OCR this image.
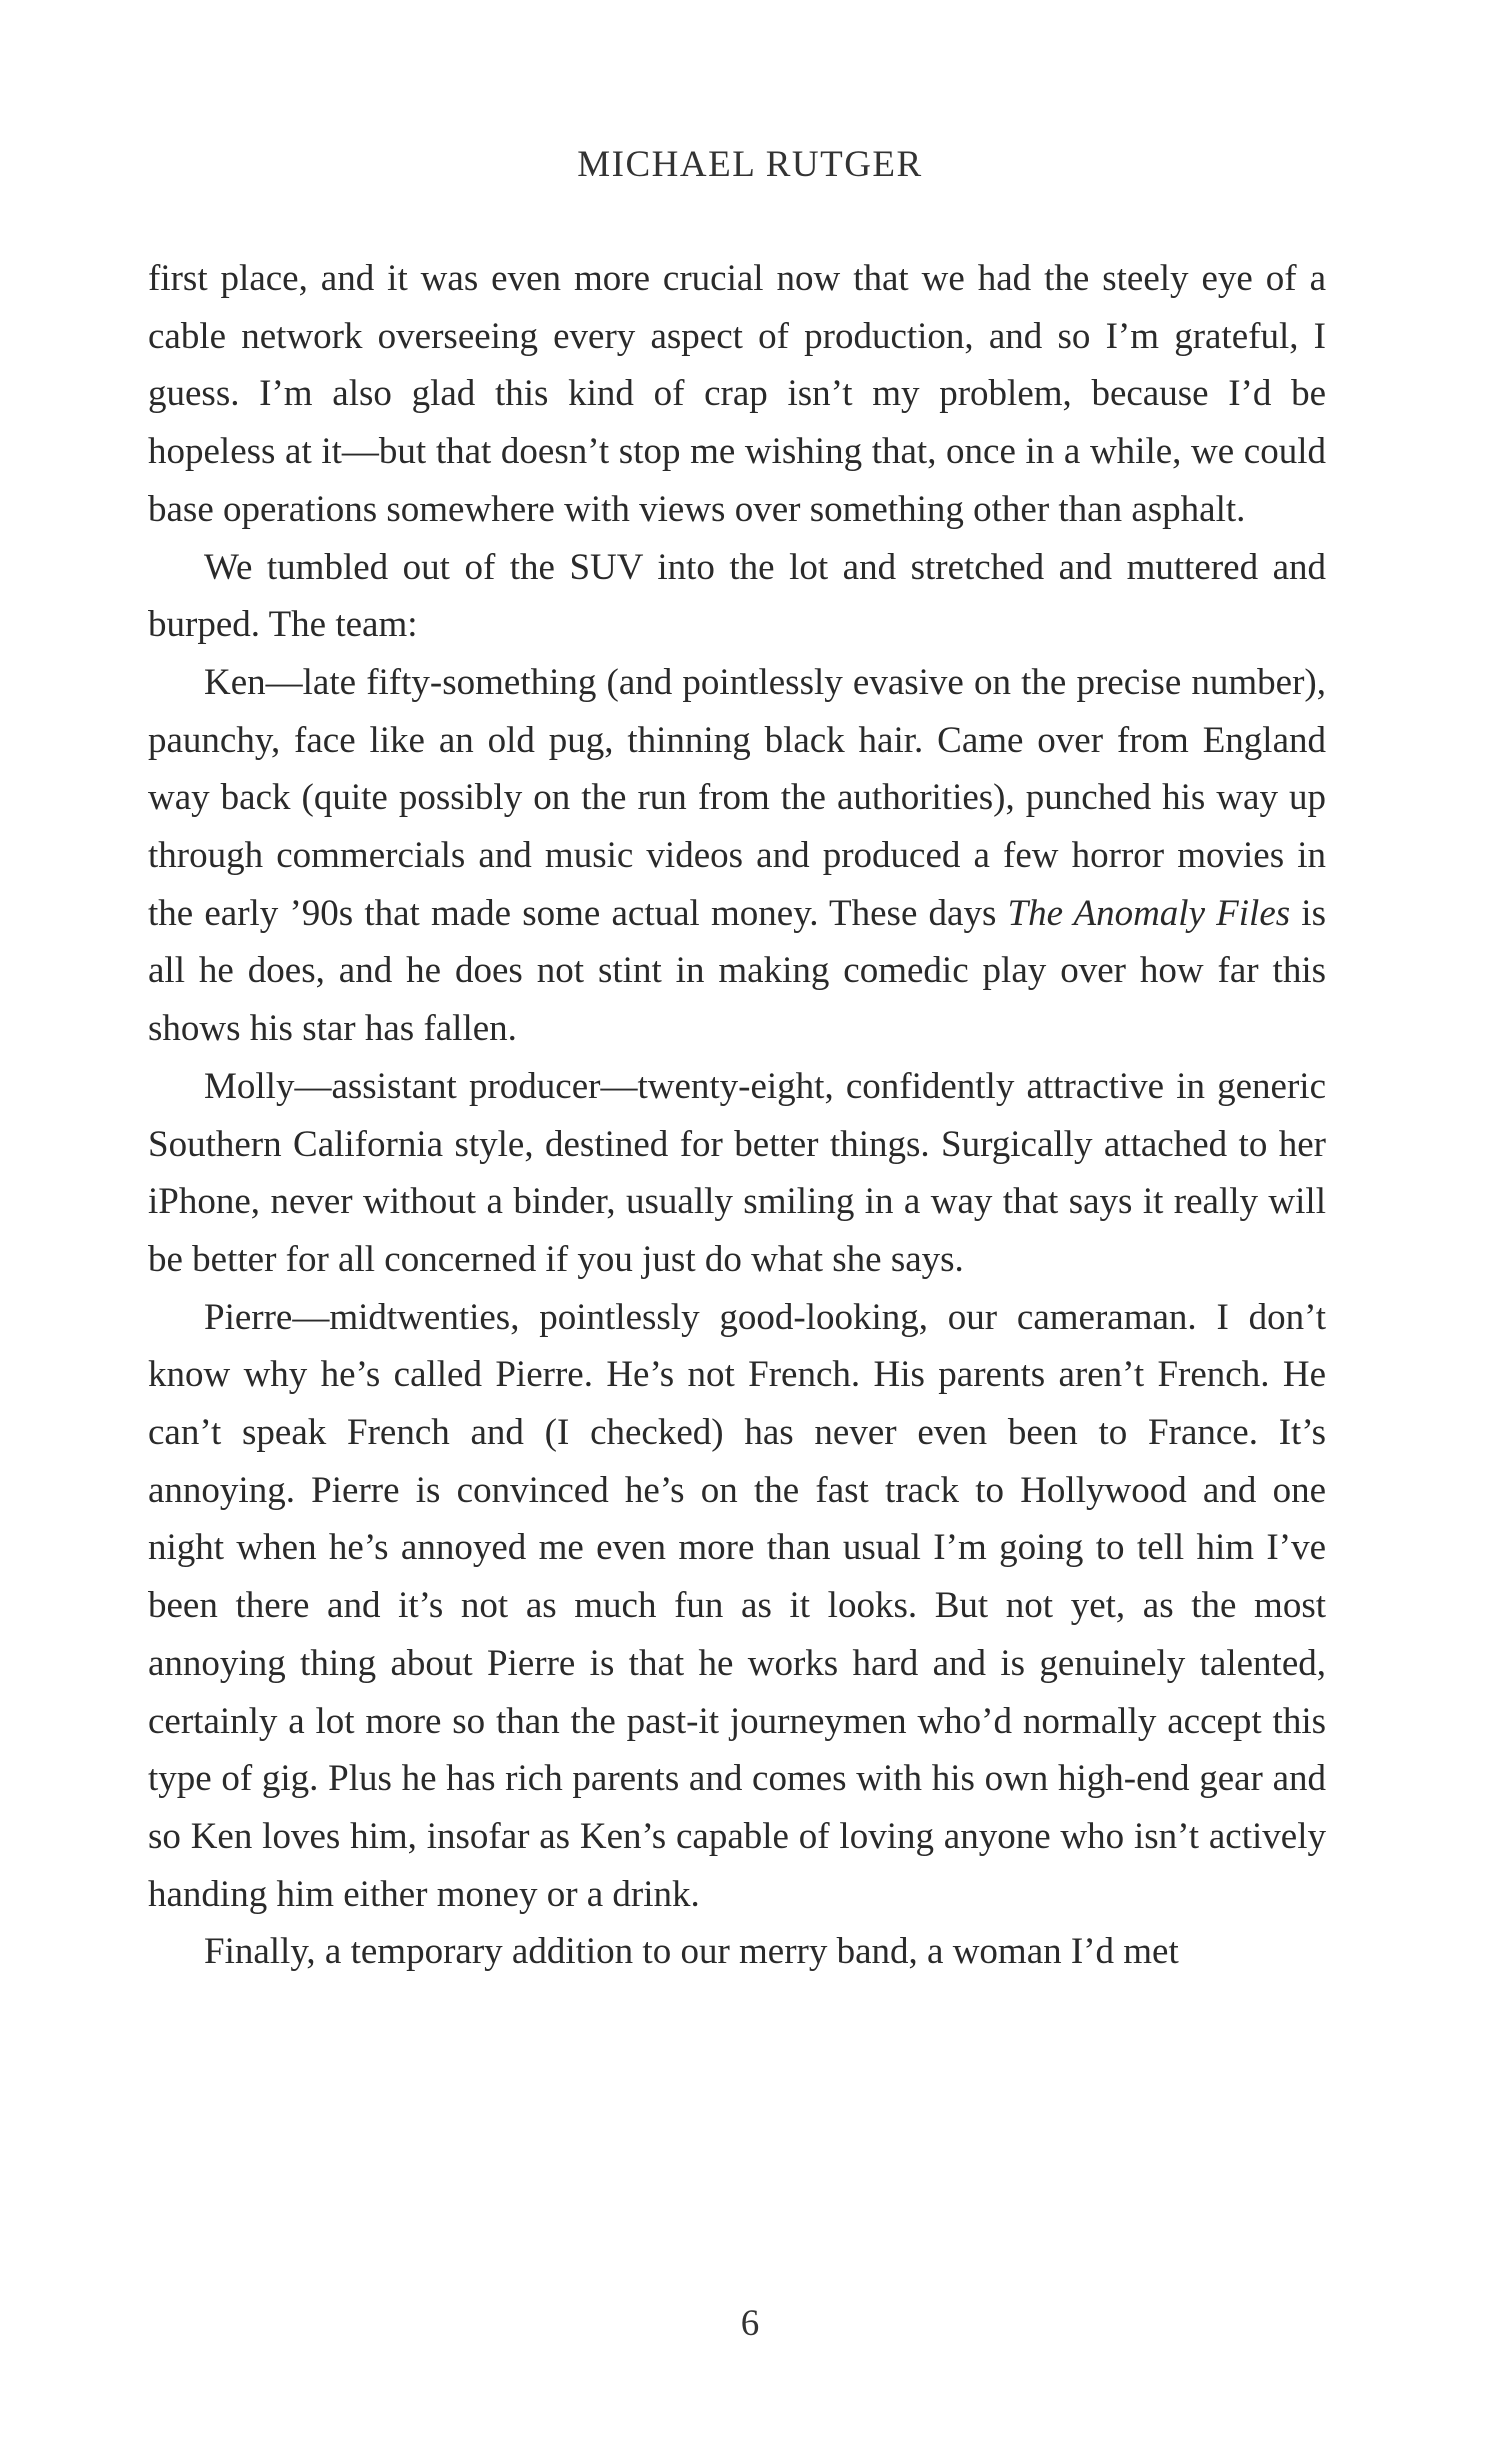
MICHAEL RUTGER

first place, and it was even more crucial now that we had the steely eye of a cable network overseeing every aspect of production, and so I’m grateful, I guess. I’m also glad this kind of crap isn’t my problem, because I’d be hopeless at it—but that doesn’t stop me wishing that, once in a while, we could base operations somewhere with views over something other than asphalt.

We tumbled out of the SUV into the lot and stretched and muttered and burped. The team:

Ken—late fifty-something (and pointlessly evasive on the precise number), paunchy, face like an old pug, thinning black hair. Came over from England way back (quite possibly on the run from the authorities), punched his way up through commercials and music videos and produced a few horror movies in the early ’90s that made some actual money. These days The Anomaly Files is all he does, and he does not stint in making comedic play over how far this shows his star has fallen.

Molly—assistant producer—twenty-eight, confidently attractive in generic Southern California style, destined for better things. Surgically attached to her iPhone, never without a binder, usually smiling in a way that says it really will be better for all concerned if you just do what she says.

Pierre—midtwenties, pointlessly good-looking, our cameraman. I don’t know why he’s called Pierre. He’s not French. His parents aren’t French. He can’t speak French and (I checked) has never even been to France. It’s annoying. Pierre is convinced he’s on the fast track to Hollywood and one night when he’s annoyed me even more than usual I’m going to tell him I’ve been there and it’s not as much fun as it looks. But not yet, as the most annoying thing about Pierre is that he works hard and is genuinely talented, certainly a lot more so than the past-it journeymen who’d normally accept this type of gig. Plus he has rich parents and comes with his own high-end gear and so Ken loves him, insofar as Ken’s capable of loving anyone who isn’t actively handing him either money or a drink.

Finally, a temporary addition to our merry band, a woman I’d met

6
